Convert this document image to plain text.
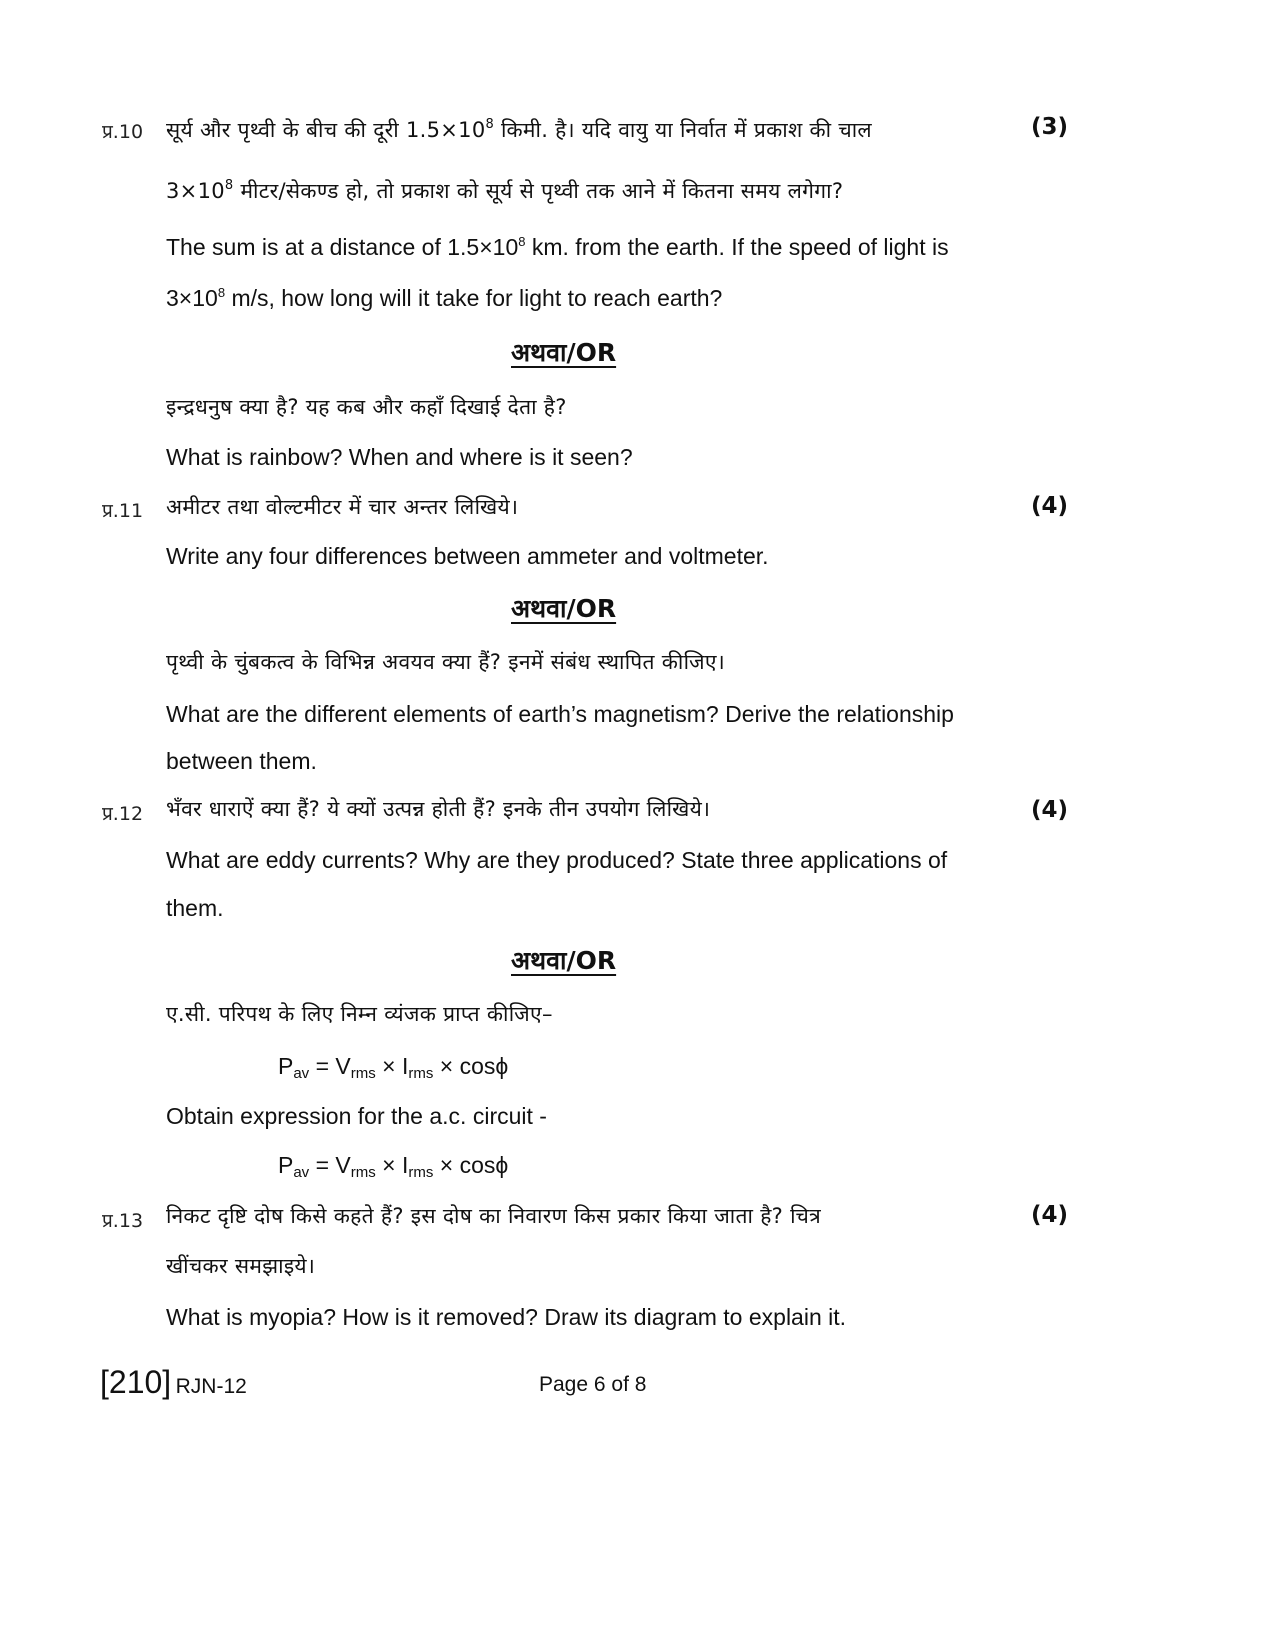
प्र.10 सूर्य और पृथ्वी के बीच की दूरी $1.5\times 10^8$ किमी. है। यदि वायु या निर्वात में प्रकाश की चाल	(3)
$3\times 10^8$ मीटर/सेकण्ड हो, तो प्रकाश को सूर्य से पृथ्वी तक आने में कितना समय लगेगा?
The sum is at a distance of $1.5\times 10^8$ km. from the earth. If the speed of light is
$3\times 10^8$ m/s, how long will it take for light to reach earth?
अथवा/OR
इन्द्रधनुष क्या है? यह कब और कहाँ दिखाई देता है?
What is rainbow? When and where is it seen?
प्र.11 अमीटर तथा वोल्टमीटर में चार अन्तर लिखिये।	(4)
Write any four differences between ammeter and voltmeter.
अथवा/OR
पृथ्वी के चुंबकत्व के विभिन्न अवयव क्या हैं? इनमें संबंध स्थापित कीजिए।
What are the different elements of earth’s magnetism? Derive the relationship
between them.
प्र.12 भँवर धाराऐं क्या हैं? ये क्यों उत्पन्न होती हैं? इनके तीन उपयोग लिखिये।	(4)
What are eddy currents? Why are they produced? State three applications of
them.
अथवा/OR
ए.सी. परिपथ के लिए निम्न व्यंजक प्राप्त कीजिए–
$P_{av} = V_{rms} \times I_{rms} \times \cos\phi$
Obtain expression for the a.c. circuit -
$P_{av} = V_{rms} \times I_{rms} \times \cos\phi$
प्र.13 निकट दृष्टि दोष किसे कहते हैं? इस दोष का निवारण किस प्रकार किया जाता है? चित्र	(4)
खींचकर समझाइये।
What is myopia? How is it removed? Draw its diagram to explain it.
[210] RJN-12	Page 6 of 8
